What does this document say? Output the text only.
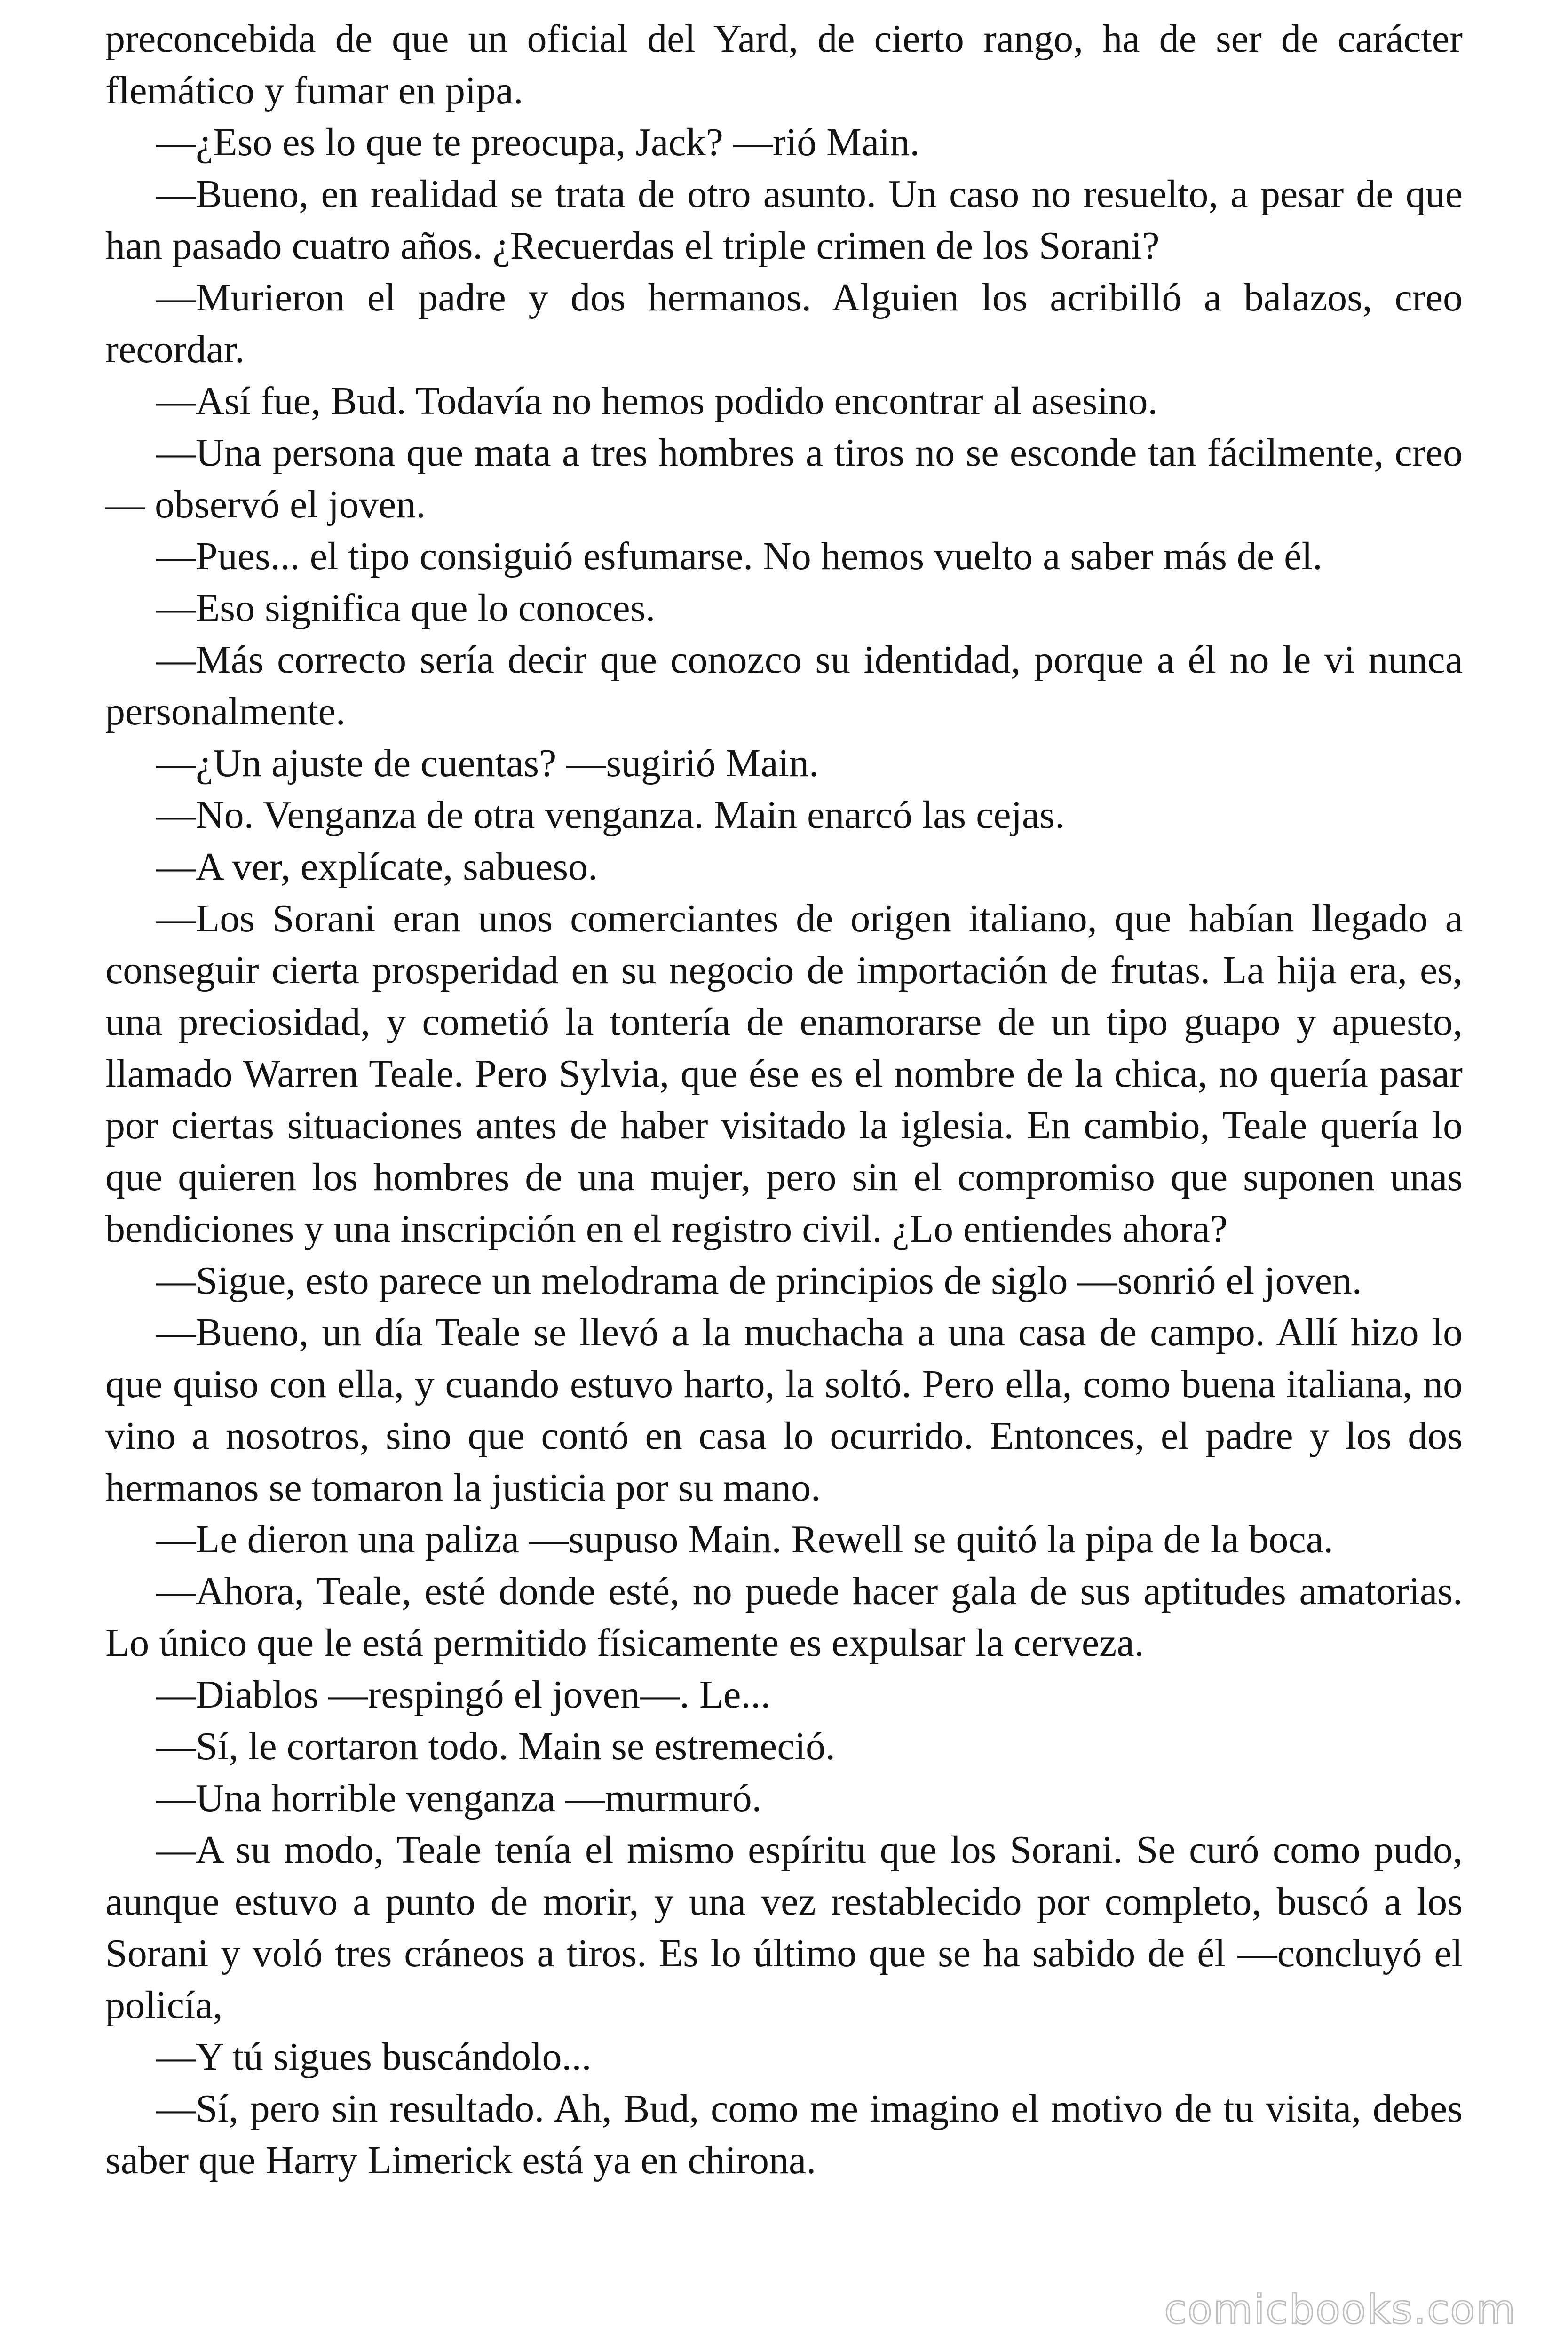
preconcebida de que un oficial del Yard, de cierto rango, ha de ser de carácter flemático y fumar en pipa.

—¿Eso es lo que te preocupa, Jack? —rió Main.

—Bueno, en realidad se trata de otro asunto. Un caso no resuelto, a pesar de que han pasado cuatro años. ¿Recuerdas el triple crimen de los Sorani?

—Murieron el padre y dos hermanos. Alguien los acribilló a balazos, creo recordar.

—Así fue, Bud. Todavía no hemos podido encontrar al asesino.

—Una persona que mata a tres hombres a tiros no se esconde tan fácilmente, creo — observó el joven.

—Pues... el tipo consiguió esfumarse. No hemos vuelto a saber más de él.

—Eso significa que lo conoces.

—Más correcto sería decir que conozco su identidad, porque a él no le vi nunca personalmente.

—¿Un ajuste de cuentas? —sugirió Main.

—No. Venganza de otra venganza. Main enarcó las cejas.

—A ver, explícate, sabueso.

—Los Sorani eran unos comerciantes de origen italiano, que habían llegado a conseguir cierta prosperidad en su negocio de importación de frutas. La hija era, es, una preciosidad, y cometió la tontería de enamorarse de un tipo guapo y apuesto, llamado Warren Teale. Pero Sylvia, que ése es el nombre de la chica, no quería pasar por ciertas situaciones antes de haber visitado la iglesia. En cambio, Teale quería lo que quieren los hombres de una mujer, pero sin el compromiso que suponen unas bendiciones y una inscripción en el registro civil. ¿Lo entiendes ahora?

—Sigue, esto parece un melodrama de principios de siglo —sonrió el joven.

—Bueno, un día Teale se llevó a la muchacha a una casa de campo. Allí hizo lo que quiso con ella, y cuando estuvo harto, la soltó. Pero ella, como buena italiana, no vino a nosotros, sino que contó en casa lo ocurrido. Entonces, el padre y los dos hermanos se tomaron la justicia por su mano.

—Le dieron una paliza —supuso Main. Rewell se quitó la pipa de la boca.

—Ahora, Teale, esté donde esté, no puede hacer gala de sus aptitudes amatorias. Lo único que le está permitido físicamente es expulsar la cerveza.

—Diablos —respingó el joven—. Le...

—Sí, le cortaron todo. Main se estremeció.

—Una horrible venganza —murmuró.

—A su modo, Teale tenía el mismo espíritu que los Sorani. Se curó como pudo, aunque estuvo a punto de morir, y una vez restablecido por completo, buscó a los Sorani y voló tres cráneos a tiros. Es lo último que se ha sabido de él —concluyó el policía,

—Y tú sigues buscándolo...

—Sí, pero sin resultado. Ah, Bud, como me imagino el motivo de tu visita, debes saber que Harry Limerick está ya en chirona.

comicbooks.com
